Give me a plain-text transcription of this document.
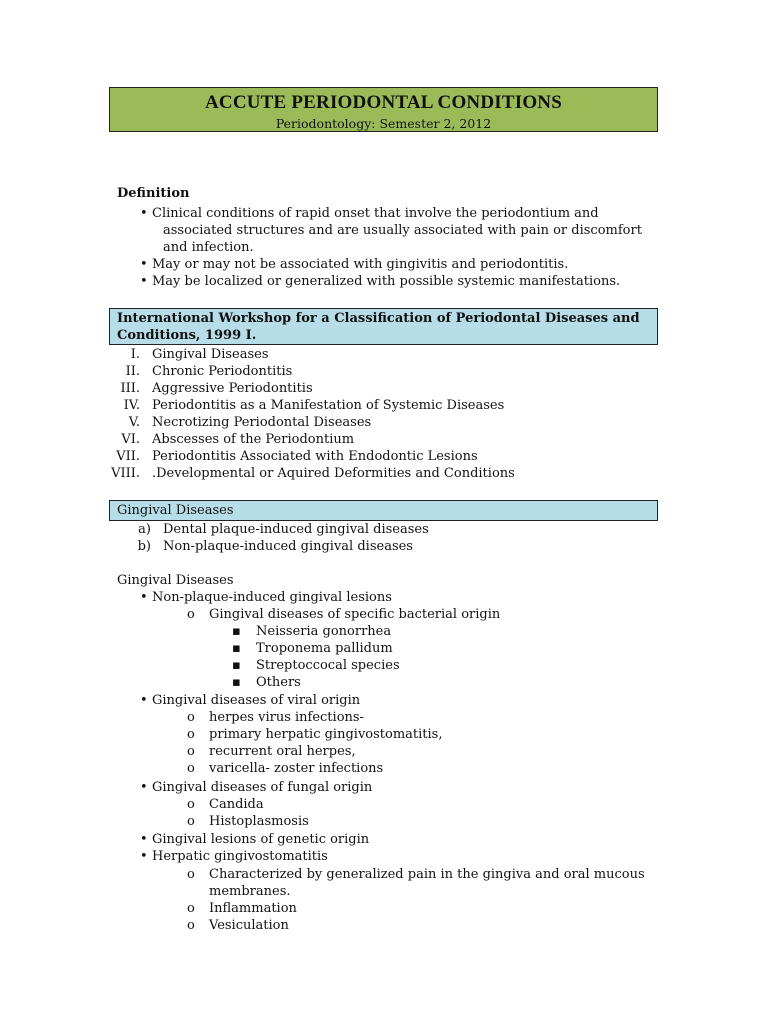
ACCUTE PERIODONTAL CONDITIONS
Periodontology: Semester 2, 2012
Definition
• Clinical conditions of rapid onset that involve the periodontium and
associated structures and are usually associated with pain or discomfort
and infection.
• May or may not be associated with gingivitis and periodontitis.
• May be localized or generalized with possible systemic manifestations.
International Workshop for a Classification of Periodontal Diseases and
Conditions, 1999 I.
I. Gingival Diseases
II. Chronic Periodontitis
III. Aggressive Periodontitis
IV. Periodontitis as a Manifestation of Systemic Diseases
V. Necrotizing Periodontal Diseases
VI. Abscesses of the Periodontium
VII. Periodontitis Associated with Endodontic Lesions
VIII. .Developmental or Aquired Deformities and Conditions
Gingival Diseases
a) Dental plaque-induced gingival diseases
b) Non-plaque-induced gingival diseases
Gingival Diseases
• Non-plaque-induced gingival lesions
o Gingival diseases of specific bacterial origin
▪ Neisseria gonorrhea
▪ Troponema pallidum
▪ Streptoccocal species
▪ Others
• Gingival diseases of viral origin
o herpes virus infections-
o primary herpatic gingivostomatitis,
o recurrent oral herpes,
o varicella- zoster infections
• Gingival diseases of fungal origin
o Candida
o Histoplasmosis
• Gingival lesions of genetic origin
• Herpatic gingivostomatitis
o Characterized by generalized pain in the gingiva and oral mucous
membranes.
o Inflammation
o Vesiculation
